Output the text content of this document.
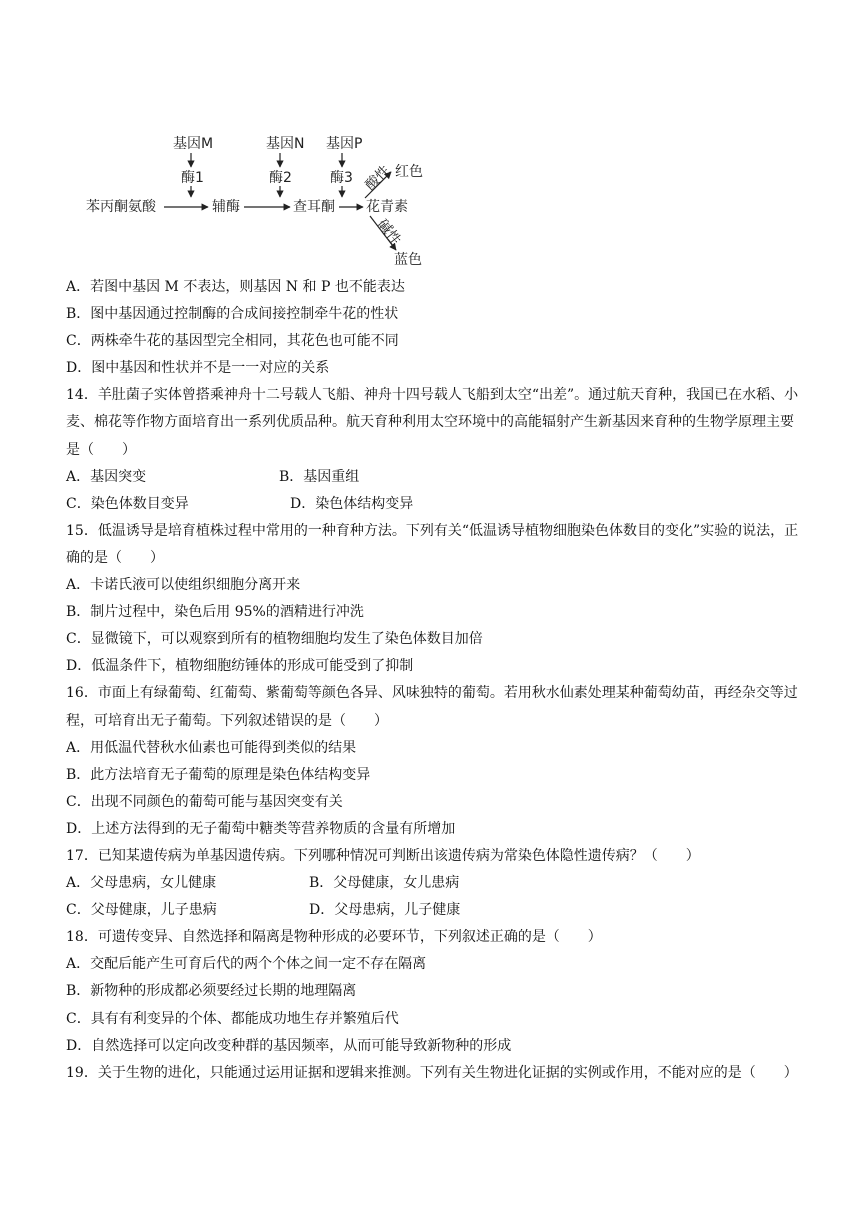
基因M	基因N 基因P
酶1	酶2	酶3
苯丙酮氨酸	辅酶	查耳酮 花青素
酸性 红色
碱性
蓝色

A．若图中基因 M 不表达，则基因 N 和 P 也不能表达

B．图中基因通过控制酶的合成间接控制牵牛花的性状

C．两株牵牛花的基因型完全相同，其花色也可能不同

D．图中基因和性状并不是一一对应的关系

14．羊肚菌子实体曾搭乘神舟十二号载人飞船、神舟十四号载人飞船到太空“出差”。通过航天育种，我国已在水稻、小麦、棉花等作物方面培育出一系列优质品种。航天育种利用太空环境中的高能辐射产生新基因来育种的生物学原理主要是（　　）

A．基因突变	B．基因重组
C．染色体数目变异	D．染色体结构变异

15．低温诱导是培育植株过程中常用的一种育种方法。下列有关“低温诱导植物细胞染色体数目的变化”实验的说法，正确的是（　　）

A．卡诺氏液可以使组织细胞分离开来

B．制片过程中，染色后用 95%的酒精进行冲洗

C．显微镜下，可以观察到所有的植物细胞均发生了染色体数目加倍

D．低温条件下，植物细胞纺锤体的形成可能受到了抑制

16．市面上有绿葡萄、红葡萄、紫葡萄等颜色各异、风味独特的葡萄。若用秋水仙素处理某种葡萄幼苗，再经杂交等过程，可培育出无子葡萄。下列叙述错误的是（　　）

A．用低温代替秋水仙素也可能得到类似的结果

B．此方法培育无子葡萄的原理是染色体结构变异

C．出现不同颜色的葡萄可能与基因突变有关

D．上述方法得到的无子葡萄中糖类等营养物质的含量有所增加

17．已知某遗传病为单基因遗传病。下列哪种情况可判断出该遗传病为常染色体隐性遗传病？（　　）

A．父母患病，女儿健康	B．父母健康，女儿患病
C．父母健康，儿子患病	D．父母患病，儿子健康

18．可遗传变异、自然选择和隔离是物种形成的必要环节，下列叙述正确的是（　　）

A．交配后能产生可育后代的两个个体之间一定不存在隔离

B．新物种的形成都必须要经过长期的地理隔离

C．具有有利变异的个体、都能成功地生存并繁殖后代

D．自然选择可以定向改变种群的基因频率，从而可能导致新物种的形成

19．关于生物的进化，只能通过运用证据和逻辑来推测。下列有关生物进化证据的实例或作用，不能对应的是（　　）
